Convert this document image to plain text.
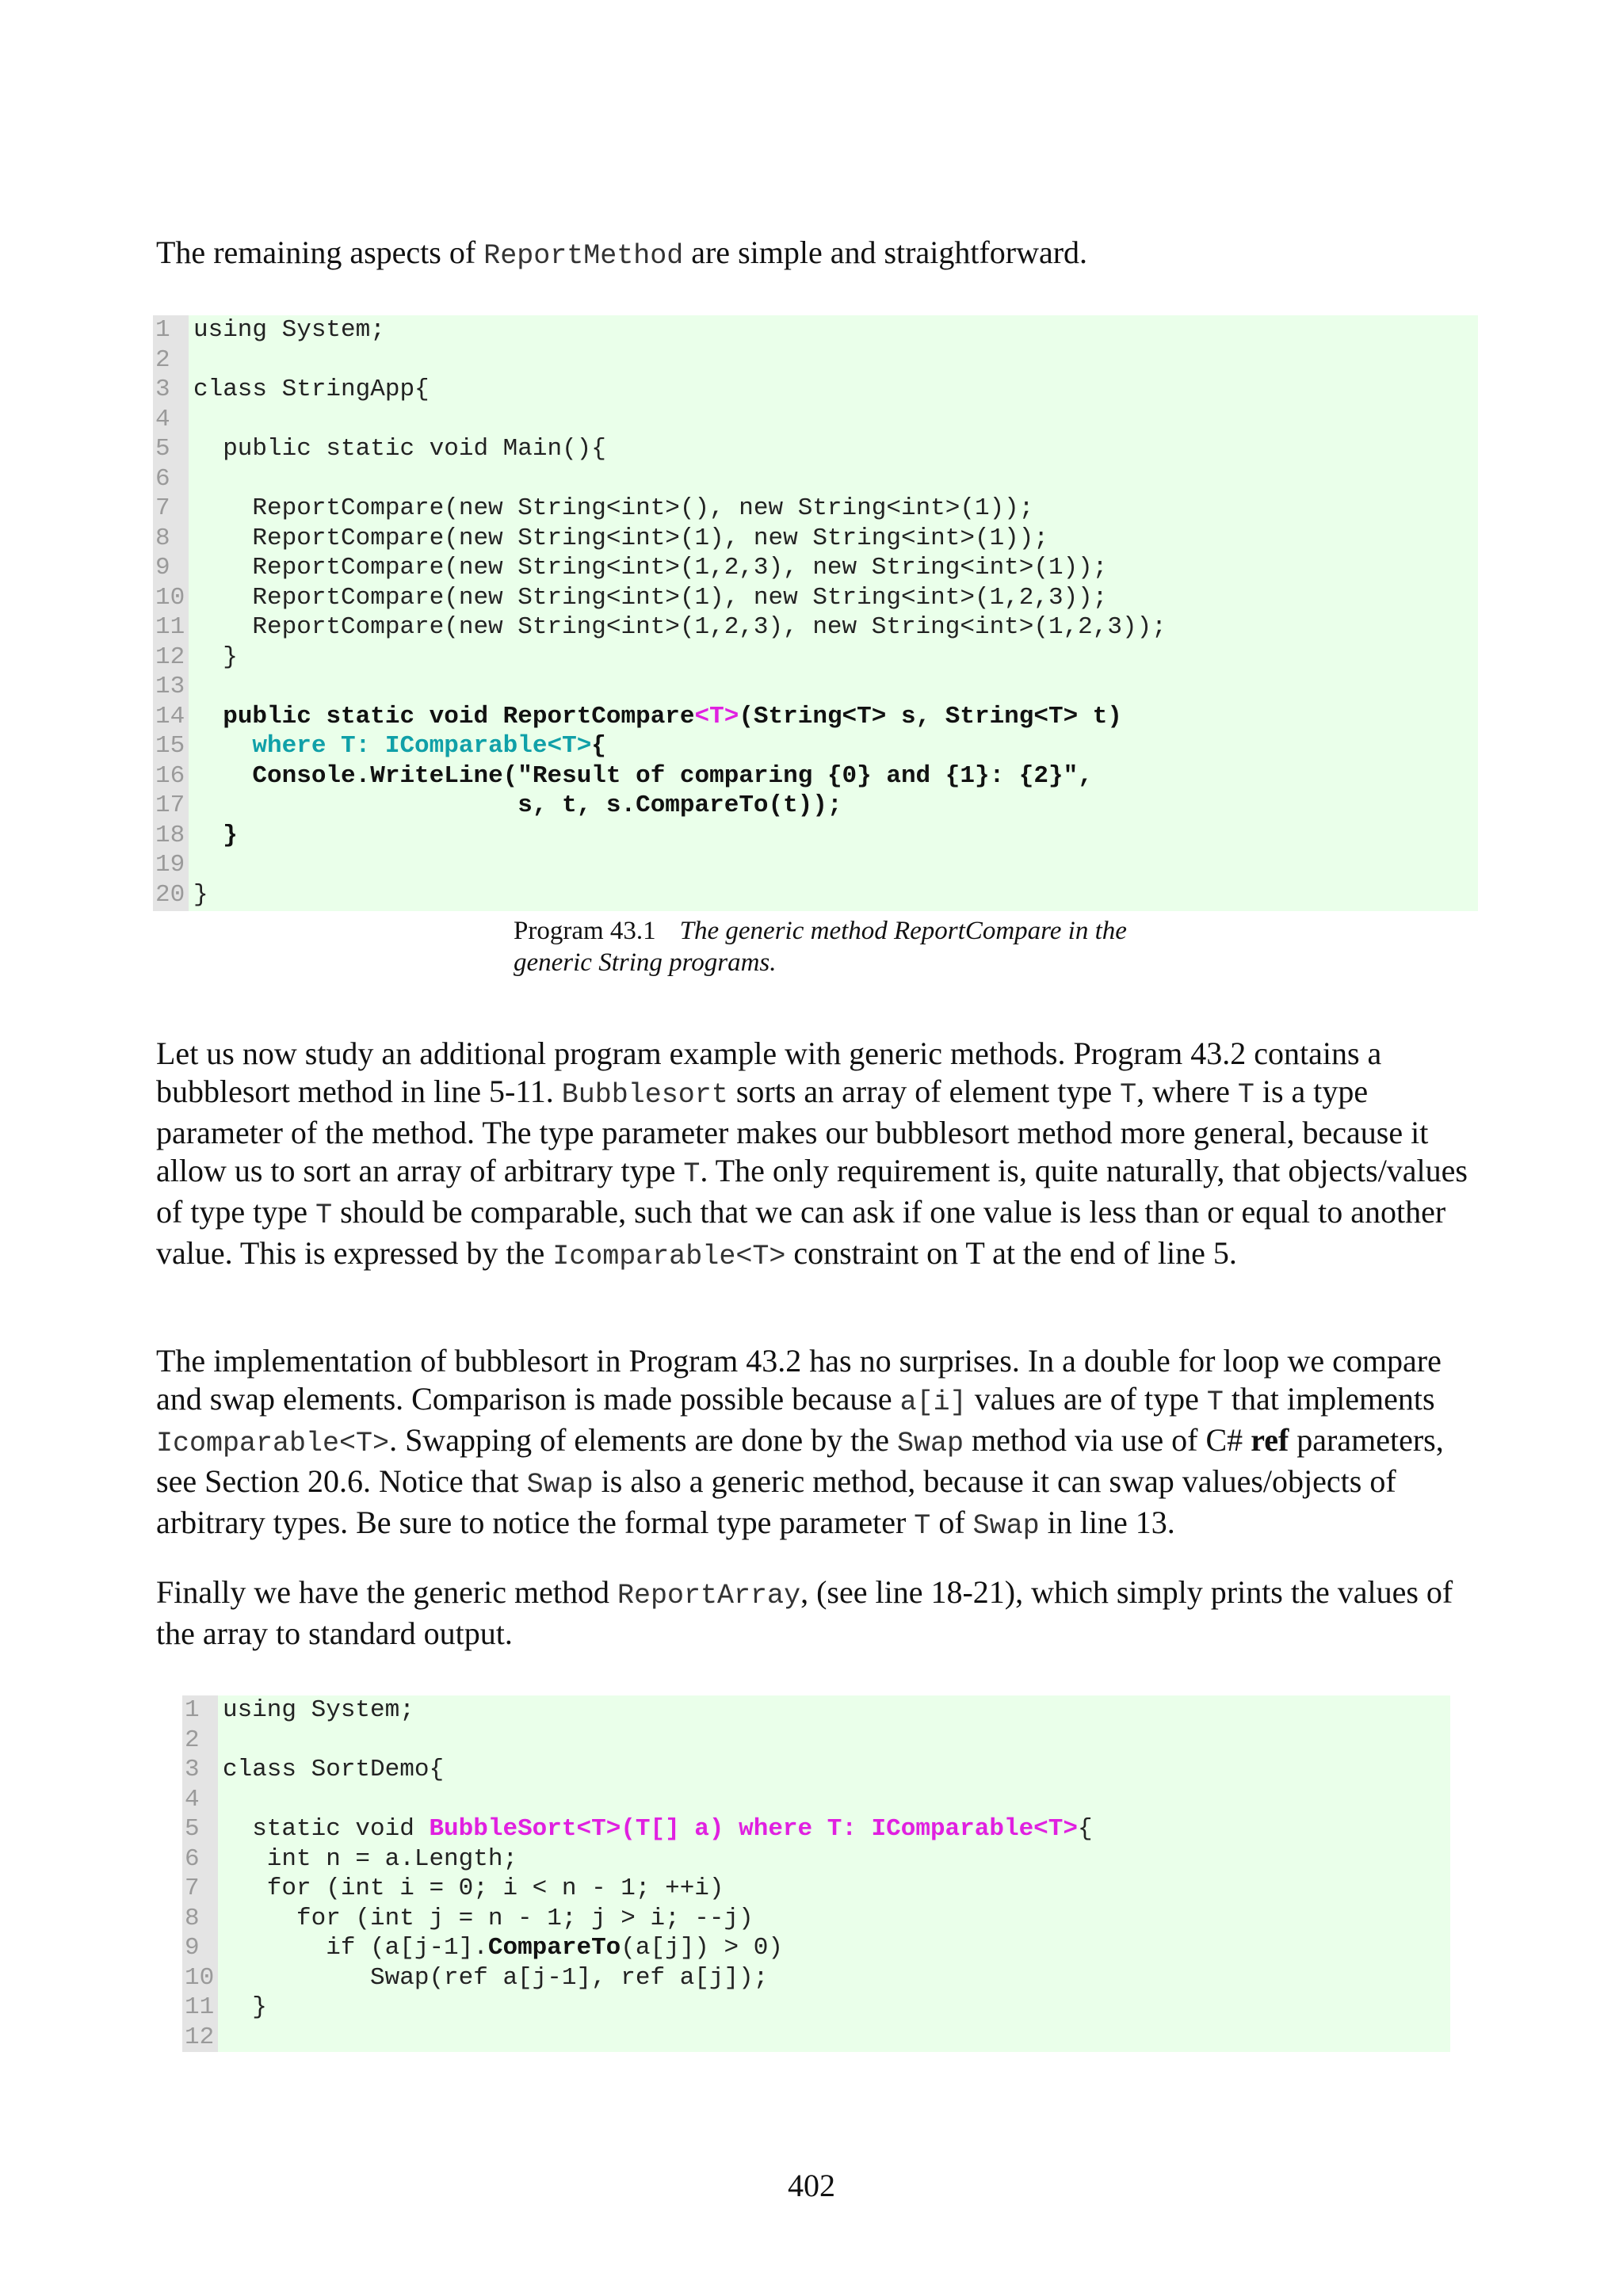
The remaining aspects of ReportMethod are simple and straightforward.

1 using System;
2
3 class StringApp{
4
5  public static void Main(){
6
7    ReportCompare(new String<int>(), new String<int>(1));
8    ReportCompare(new String<int>(1), new String<int>(1));
9    ReportCompare(new String<int>(1,2,3), new String<int>(1));
10    ReportCompare(new String<int>(1), new String<int>(1,2,3));
11    ReportCompare(new String<int>(1,2,3), new String<int>(1,2,3));
12  }
13
14 public static void ReportCompare<T>(String<T> s, String<T> t)
15	where T: IComparable<T>{
16	Console.WriteLine("Result of comparing {0} and {1}: {2}",
17	s, t, s.CompareTo(t));
18 }
19
20 }
Program 43.1 The generic method ReportCompare in the generic String programs.

Let us now study an additional program example with generic methods. Program 43.2 contains a bubblesort method in line 5-11. Bubblesort sorts an array of element type T, where T is a type parameter of the method. The type parameter makes our bubblesort method more general, because it allow us to sort an array of arbitrary type T. The only requirement is, quite naturally, that objects/values of type type T should be comparable, such that we can ask if one value is less than or equal to another value. This is expressed by the Icomparable<T> constraint on T at the end of line 5.

The implementation of bubblesort in Program 43.2 has no surprises. In a double for loop we compare and swap elements. Comparison is made possible because a[i] values are of type T that implements Icomparable<T>. Swapping of elements are done by the Swap method via use of C# ref parameters, see Section 20.6. Notice that Swap is also a generic method, because it can swap values/objects of arbitrary types. Be sure to notice the formal type parameter T of Swap in line 13.

Finally we have the generic method ReportArray, (see line 18-21), which simply prints the values of the array to standard output.

1 using System;
2
3 class SortDemo{
4
5  static void BubbleSort<T>(T[] a) where T: IComparable<T>{
6   int n = a.Length;
7   for (int i = 0; i < n - 1; ++i)
8     for (int j = n - 1; j > i; --j)
9       if (a[j-1].CompareTo(a[j]) > 0)
10          Swap(ref a[j-1], ref a[j]);
11  }
12
402
